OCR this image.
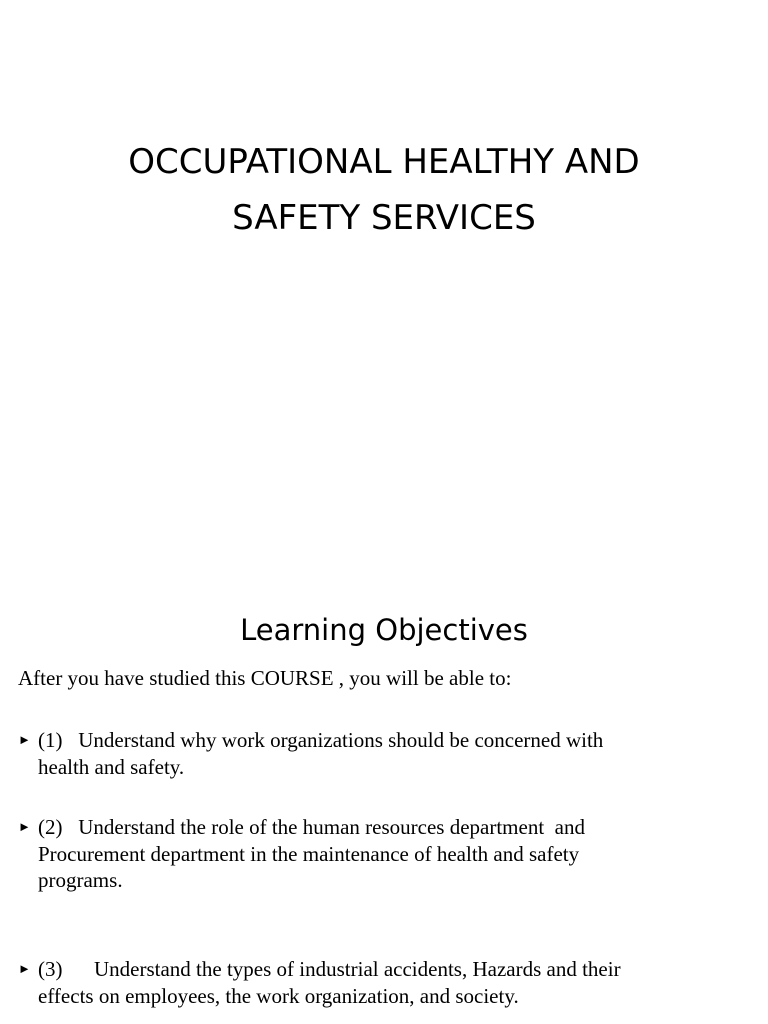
OCCUPATIONAL HEALTHY AND
SAFETY SERVICES
Learning Objectives
After you have studied this COURSE , you will be able to:
► (1)   Understand why work organizations should be concerned with
health and safety.
► (2)   Understand the role of the human resources department  and
Procurement department in the maintenance of health and safety
programs.
► (3)      Understand the types of industrial accidents, Hazards and their
effects on employees, the work organization, and society.
